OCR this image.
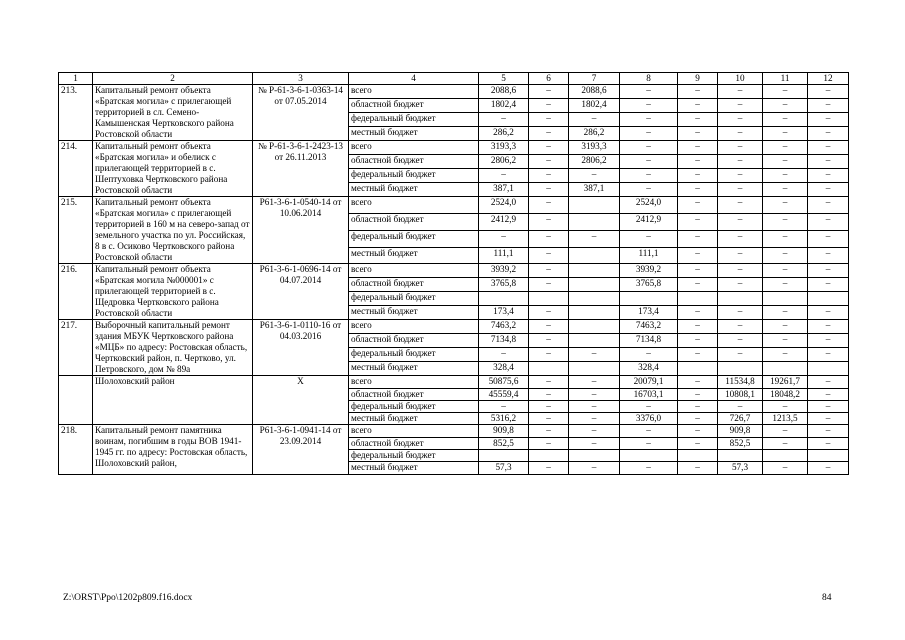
1	2	3	4	5	6	7	8	9	10	11	12
213.	Капитальный ремонт объекта «Братская могила» с прилегающей территорией в сл. Семено-Камышенская Чертковского района Ростовской области	№ Р-61-3-6-1-0363-14 от 07.05.2014	всего	2088,6	–	2088,6	–	–	–	–	–
			областной бюджет	1802,4	–	1802,4	–	–	–	–	–
			федеральный бюджет	–	–	–	–	–	–	–	–
			местный бюджет	286,2	–	286,2	–	–	–	–	–
214.	Капитальный ремонт объекта «Братская могила» и обелиск с прилегающей территорией в с. Шептуховка Чертковского района Ростовской области	№ Р-61-3-6-1-2423-13 от 26.11.2013	всего	3193,3	–	3193,3	–	–	–	–	–
			областной бюджет	2806,2	–	2806,2	–	–	–	–	–
			федеральный бюджет	–	–	–	–	–	–	–	–
			местный бюджет	387,1	–	387,1	–	–	–	–	–
215.	Капитальный ремонт объекта «Братская могила» с прилегающей территорией в 160 м на северо-запад от земельного участка по ул. Российская, 8 в с. Осиково Чертковского района Ростовской области	Р61-3-6-1-0540-14 от 10.06.2014	всего	2524,0	–		2524,0	–	–	–	–
			областной бюджет	2412,9	–		2412,9	–	–	–	–
			федеральный бюджет	–	–	–	–	–	–	–	–
			местный бюджет	111,1	–		111,1	–	–	–	–
216.	Капитальный ремонт объекта «Братская могила №000001» с прилегающей территорией в с. Щедровка Чертковского района Ростовской области	Р61-3-6-1-0696-14 от 04.07.2014	всего	3939,2	–		3939,2	–	–	–	–
			областной бюджет	3765,8	–		3765,8	–	–	–	–
			федеральный бюджет								
			местный бюджет	173,4	–		173,4	–	–	–	–
217.	Выборочный капитальный ремонт здания МБУК Чертковского района «МЦБ» по адресу: Ростовская область, Чертковский район, п. Чертково, ул. Петровского, дом № 89а	Р61-3-6-1-0110-16 от 04.03.2016	всего	7463,2	–		7463,2	–	–	–	–
			областной бюджет	7134,8	–		7134,8	–	–	–	–
			федеральный бюджет	–	–	–	–	–	–	–	–
			местный бюджет	328,4			328,4				
	Шолоховский район	Х	всего	50875,6	–	–	20079,1	–	11534,8	19261,7	–
			областной бюджет	45559,4	–	–	16703,1	–	10808,1	18048,2	–
			федеральный бюджет	–	–	–	–	–	–	–	–
			местный бюджет	5316,2	–	–	3376,0	–	726,7	1213,5	–
218.	Капитальный ремонт памятника воинам, погибшим в годы ВОВ 1941-1945 гг. по адресу: Ростовская область, Шолоховский район,	Р61-3-6-1-0941-14 от 23.09.2014	всего	909,8	–	–	–	–	909,8	–	–
			областной бюджет	852,5	–	–	–	–	852,5	–	–
			федеральный бюджет								
			местный бюджет	57,3	–	–	–	–	57,3	–	–
Z:\ORST\Ppo\1202p809.f16.docx	84
